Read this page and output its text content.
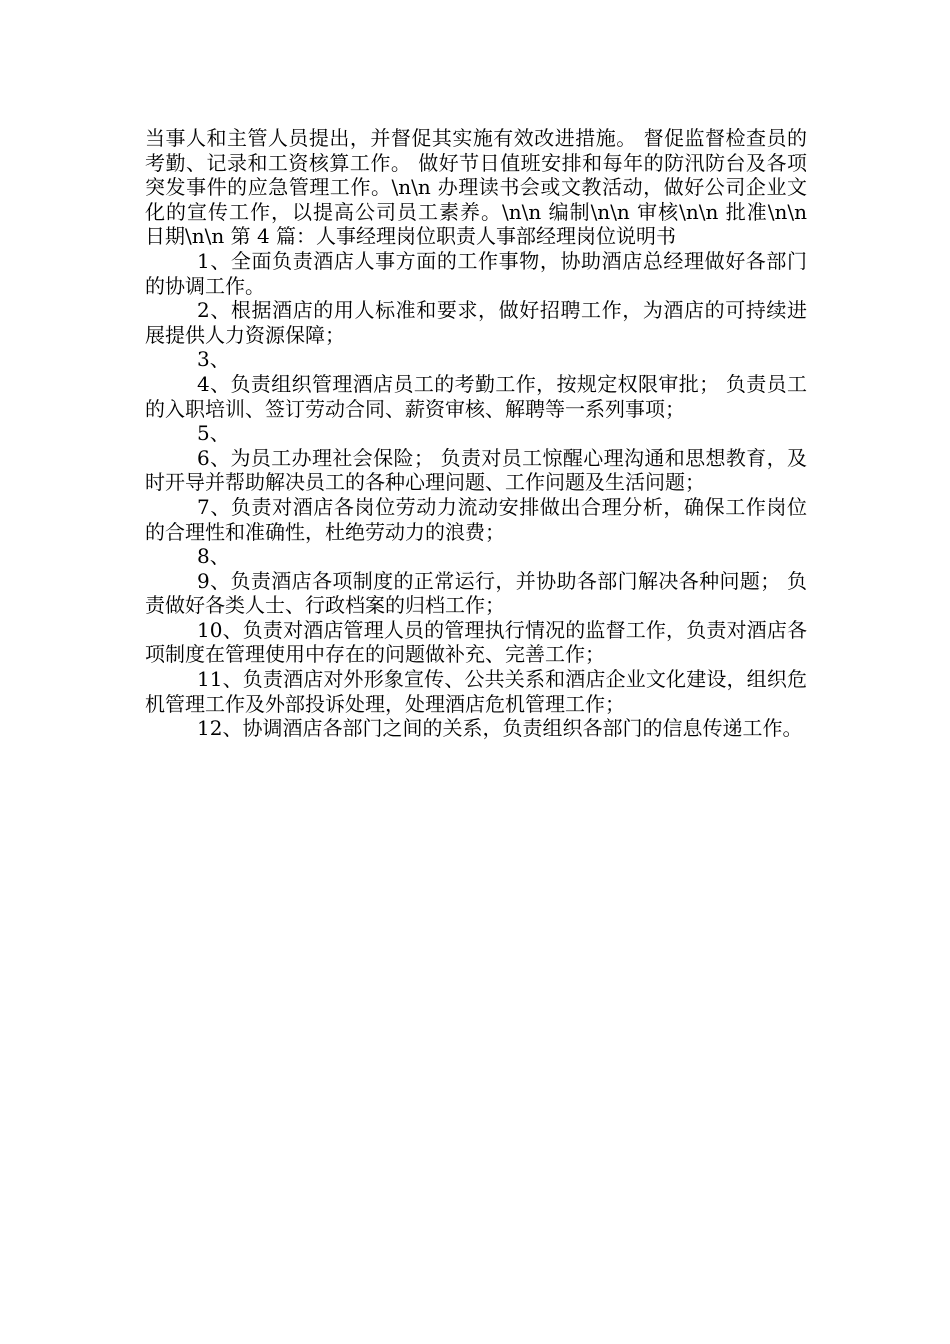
当事人和主管人员提出，并督促其实施有效改进措施。 督促监督检查员的考勤、记录和工资核算工作。 做好节日值班安排和每年的防汛防台及各项突发事件的应急管理工作。\n\n 办理读书会或文教活动，做好公司企业文化的宣传工作，以提高公司员工素养。\n\n 编制\n\n 审核\n\n 批准\n\n 日期\n\n 第 4 篇：人事经理岗位职责人事部经理岗位说明书

1、全面负责酒店人事方面的工作事物，协助酒店总经理做好各部门的协调工作。

2、根据酒店的用人标准和要求，做好招聘工作，为酒店的可持续进展提供人力资源保障；

3、

4、负责组织管理酒店员工的考勤工作，按规定权限审批； 负责员工的入职培训、签订劳动合同、薪资审核、解聘等一系列事项；

5、

6、为员工办理社会保险； 负责对员工惊醒心理沟通和思想教育，及时开导并帮助解决员工的各种心理问题、工作问题及生活问题；

7、负责对酒店各岗位劳动力流动安排做出合理分析，确保工作岗位的合理性和准确性，杜绝劳动力的浪费；

8、

9、负责酒店各项制度的正常运行，并协助各部门解决各种问题； 负责做好各类人士、行政档案的归档工作；

10、负责对酒店管理人员的管理执行情况的监督工作，负责对酒店各项制度在管理使用中存在的问题做补充、完善工作；

11、负责酒店对外形象宣传、公共关系和酒店企业文化建设，组织危机管理工作及外部投诉处理，处理酒店危机管理工作；

12、协调酒店各部门之间的关系，负责组织各部门的信息传递工作。
